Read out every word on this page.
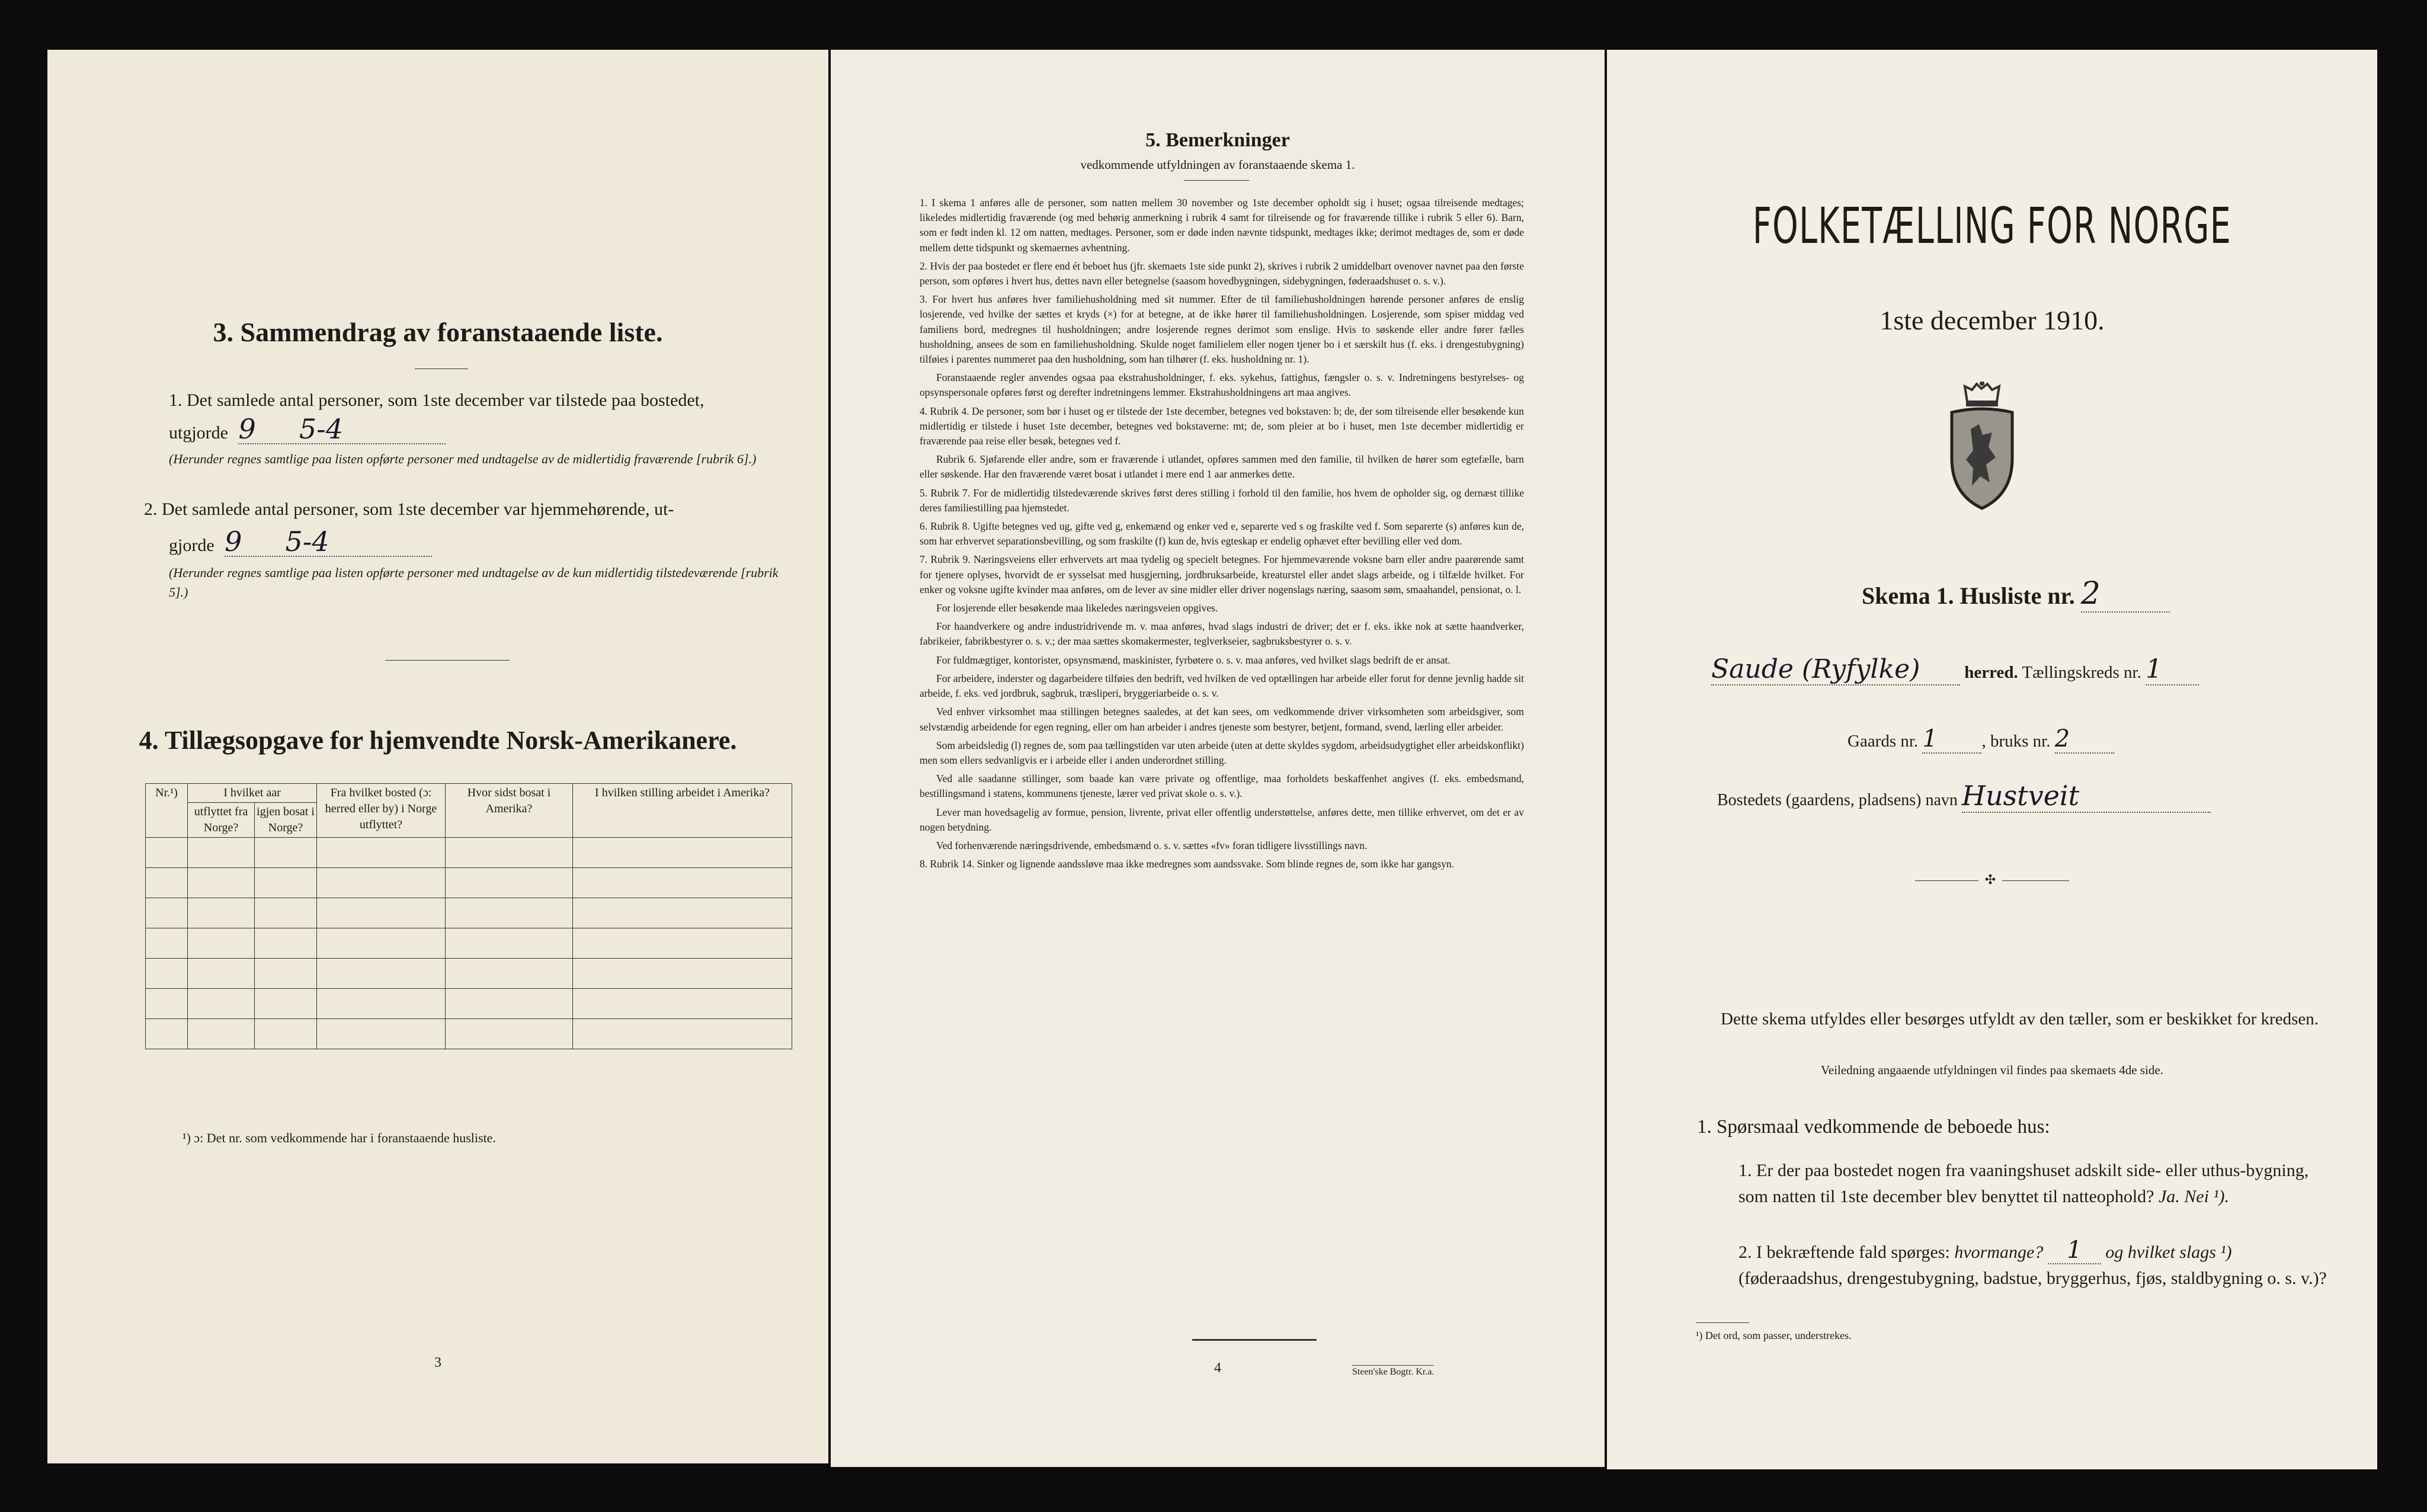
3. Sammendrag av foranstaaende liste.
1. Det samlede antal personer, som 1ste december var tilstede paa bostedet,
utgjorde 9 5-4
(Herunder regnes samtlige paa listen opførte personer med undtagelse av de midlertidig fraværende [rubrik 6].)
2. Det samlede antal personer, som 1ste december var hjemmehørende, ut-
gjorde 9 5-4
(Herunder regnes samtlige paa listen opførte personer med undtagelse av de kun midlertidig tilstedeværende [rubrik 5].)
4. Tillægsopgave for hjemvendte Norsk-Amerikanere.
Nr.¹)	I hvilket aar		Fra hvilket bosted (ɔ: herred eller by) i Norge utflyttet?	Hvor sidst bosat i Amerika?	I hvilken stilling arbeidet i Amerika?
	utflyttet fra Norge?	igjen bosat i Norge?			

¹) ɔ: Det nr. som vedkommende har i foranstaaende husliste.
3
5. Bemerkninger
vedkommende utfyldningen av foranstaaende skema 1.

1. I skema 1 anføres alle de personer, som natten mellem 30 november og 1ste december opholdt sig i huset; ogsaa tilreisende medtages; likeledes midlertidig fraværende (og med behørig anmerkning i rubrik 4 samt for tilreisende og for fraværende tillike i rubrik 5 eller 6). Barn, som er født inden kl. 12 om natten, medtages. Personer, som er døde inden nævnte tidspunkt, medtages ikke; derimot medtages de, som er døde mellem dette tidspunkt og skemaernes avhentning.

2. Hvis der paa bostedet er flere end ét beboet hus (jfr. skemaets 1ste side punkt 2), skrives i rubrik 2 umiddelbart ovenover navnet paa den første person, som opføres i hvert hus, dettes navn eller betegnelse (saasom hovedbygningen, sidebygningen, føderaadshuset o. s. v.).

3. For hvert hus anføres hver familiehusholdning med sit nummer. Efter de til familiehusholdningen hørende personer anføres de enslig losjerende, ved hvilke der sættes et kryds (×) for at betegne, at de ikke hører til familiehusholdningen. Losjerende, som spiser middag ved familiens bord, medregnes til husholdningen; andre losjerende regnes derimot som enslige. Hvis to søskende eller andre fører fælles husholdning, ansees de som en familiehusholdning. Skulde noget familielem eller nogen tjener bo i et særskilt hus (f. eks. i drengestubygning) tilføies i parentes nummeret paa den husholdning, som han tilhører (f. eks. husholdning nr. 1).

Foranstaaende regler anvendes ogsaa paa ekstrahusholdninger, f. eks. sykehus, fattighus, fængsler o. s. v. Indretningens bestyrelses- og opsynspersonale opføres først og derefter indretningens lemmer. Ekstrahusholdningens art maa angives.

4. Rubrik 4. De personer, som bør i huset og er tilstede der 1ste december, betegnes ved bokstaven: b; de, der som tilreisende eller besøkende kun midlertidig er tilstede i huset 1ste december, betegnes ved bokstaverne: mt; de, som pleier at bo i huset, men 1ste december midlertidig er fraværende paa reise eller besøk, betegnes ved f.

Rubrik 6. Sjøfarende eller andre, som er fraværende i utlandet, opføres sammen med den familie, til hvilken de hører som egtefælle, barn eller søskende. Har den fraværende været bosat i utlandet i mere end 1 aar anmerkes dette.

5. Rubrik 7. For de midlertidig tilstedeværende skrives først deres stilling i forhold til den familie, hos hvem de opholder sig, og dernæst tillike deres familiestilling paa hjemstedet.

6. Rubrik 8. Ugifte betegnes ved ug, gifte ved g, enkemænd og enker ved e, separerte ved s og fraskilte ved f. Som separerte (s) anføres kun de, som har erhvervet separationsbevilling, og som fraskilte (f) kun de, hvis egteskap er endelig ophævet efter bevilling eller ved dom.

7. Rubrik 9. Næringsveiens eller erhvervets art maa tydelig og specielt betegnes. For hjemmeværende voksne barn eller andre paarørende samt for tjenere oplyses, hvorvidt de er sysselsat med husgjerning, jordbruksarbeide, kreaturstel eller andet slags arbeide, og i tilfælde hvilket. For enker og voksne ugifte kvinder maa anføres, om de lever av sine midler eller driver nogenslags næring, saasom søm, smaahandel, pensionat, o. l.

For losjerende eller besøkende maa likeledes næringsveien opgives.

For haandverkere og andre industridrivende m. v. maa anføres, hvad slags industri de driver; det er f. eks. ikke nok at sætte haandverker, fabrikeier, fabrikbestyrer o. s. v.; der maa sættes skomakermester, teglverkseier, sagbruksbestyrer o. s. v.

For fuldmægtiger, kontorister, opsynsmænd, maskinister, fyrbøtere o. s. v. maa anføres, ved hvilket slags bedrift de er ansat.

For arbeidere, inderster og dagarbeidere tilføies den bedrift, ved hvilken de ved optællingen har arbeide eller forut for denne jevnlig hadde sit arbeide, f. eks. ved jordbruk, sagbruk, træsliperi, bryggeriarbeide o. s. v.

Ved enhver virksomhet maa stillingen betegnes saaledes, at det kan sees, om vedkommende driver virksomheten som arbeidsgiver, som selvstændig arbeidende for egen regning, eller om han arbeider i andres tjeneste som bestyrer, betjent, formand, svend, lærling eller arbeider.

Som arbeidsledig (l) regnes de, som paa tællingstiden var uten arbeide (uten at dette skyldes sygdom, arbeidsudygtighet eller arbeidskonflikt) men som ellers sedvanligvis er i arbeide eller i anden underordnet stilling.

Ved alle saadanne stillinger, som baade kan være private og offentlige, maa forholdets beskaffenhet angives (f. eks. embedsmand, bestillingsmand i statens, kommunens tjeneste, lærer ved privat skole o. s. v.).

Lever man hovedsagelig av formue, pension, livrente, privat eller offentlig understøttelse, anføres dette, men tillike erhvervet, om det er av nogen betydning.

Ved forhenværende næringsdrivende, embedsmænd o. s. v. sættes «fv» foran tidligere livsstillings navn.

8. Rubrik 14. Sinker og lignende aandssløve maa ikke medregnes som aandssvake. Som blinde regnes de, som ikke har gangsyn.

4	Steen'ske Bogtr. Kr.a.
FOLKETÆLLING FOR NORGE
1ste december 1910.
Skema 1. Husliste nr. 2
Saude (Ryfylke)	herred. Tællingskreds nr. 1
Gaards nr. 1	, bruks nr. 2
Bostedets (gaardens, pladsens) navn Hustveit
✣
Dette skema utfyldes eller besørges utfyldt av den tæller, som er beskikket for kredsen.
Veiledning angaaende utfyldningen vil findes paa skemaets 4de side.
1. Spørsmaal vedkommende de beboede hus:
1. Er der paa bostedet nogen fra vaaningshuset adskilt side- eller uthus-bygning, som natten til 1ste december blev benyttet til natteophold? Ja. Nei ¹).
2. I bekræftende fald spørges: hvormange? 1 og hvilket slags ¹) (føderaadshus, drengestubygning, badstue, bryggerhus, fjøs, staldbygning o. s. v.)?
¹) Det ord, som passer, understrekes.
